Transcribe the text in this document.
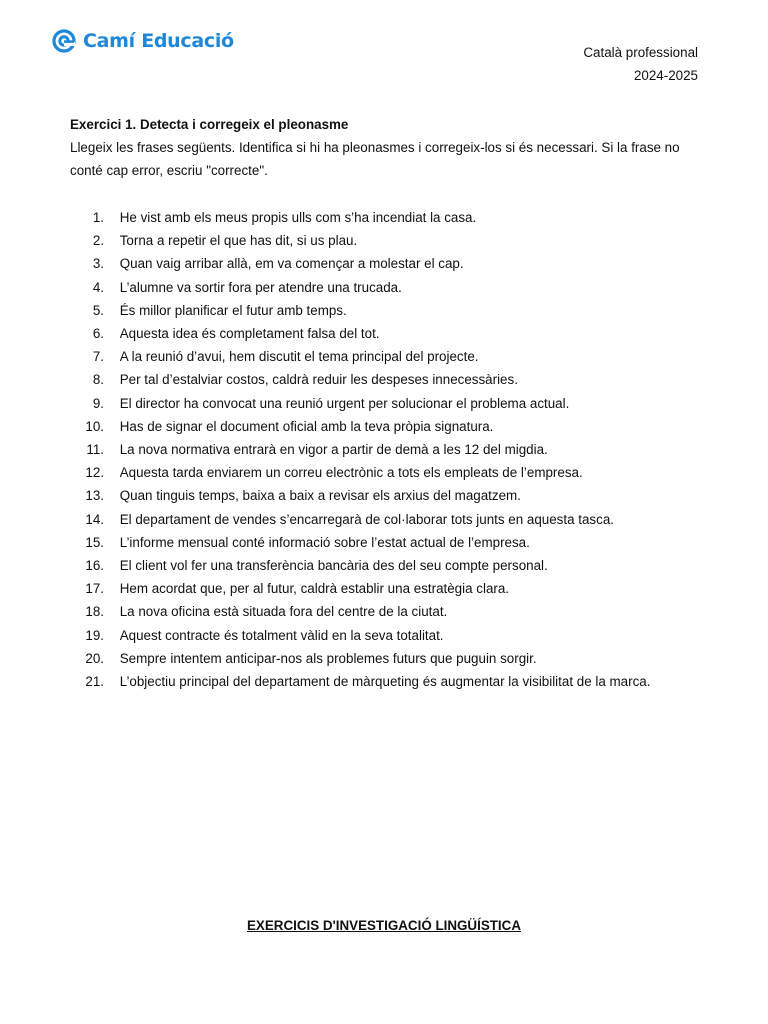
Camí Educació
Català professional
2024-2025
Exercici 1. Detecta i corregeix el pleonasme
Llegeix les frases següents. Identifica si hi ha pleonasmes i corregeix-los si és necessari. Si la frase no conté cap error, escriu "correcte".
1.
	He vist amb els meus propis ulls com s’ha incendiat la casa.
2.
	Torna a repetir el que has dit, si us plau.
3.
	Quan vaig arribar allà, em va començar a molestar el cap.
4.
	L’alumne va sortir fora per atendre una trucada.
5.
	És millor planificar el futur amb temps.
6.
	Aquesta idea és completament falsa del tot.
7.
	A la reunió d’avui, hem discutit el tema principal del projecte.
8.
	Per tal d’estalviar costos, caldrà reduir les despeses innecessàries.
9.
	El director ha convocat una reunió urgent per solucionar el problema actual.
10.
	Has de signar el document oficial amb la teva pròpia signatura.
11.
	La nova normativa entrarà en vigor a partir de demà a les 12 del migdia.
12.
	Aquesta tarda enviarem un correu electrònic a tots els empleats de l’empresa.
13.
	Quan tinguis temps, baixa a baix a revisar els arxius del magatzem.
14.
	El departament de vendes s’encarregarà de col·laborar tots junts en aquesta tasca.
15.
	L’informe mensual conté informació sobre l’estat actual de l’empresa.
16.
	El client vol fer una transferència bancària des del seu compte personal.
17.
	Hem acordat que, per al futur, caldrà establir una estratègia clara.
18.
	La nova oficina està situada fora del centre de la ciutat.
19.
	Aquest contracte és totalment vàlid en la seva totalitat.
20.
	Sempre intentem anticipar-nos als problemes futurs que puguin sorgir.
21.
	L’objectiu principal del departament de màrqueting és augmentar la visibilitat de la marca.
EXERCICIS D'INVESTIGACIÓ LINGÜÍSTICA
